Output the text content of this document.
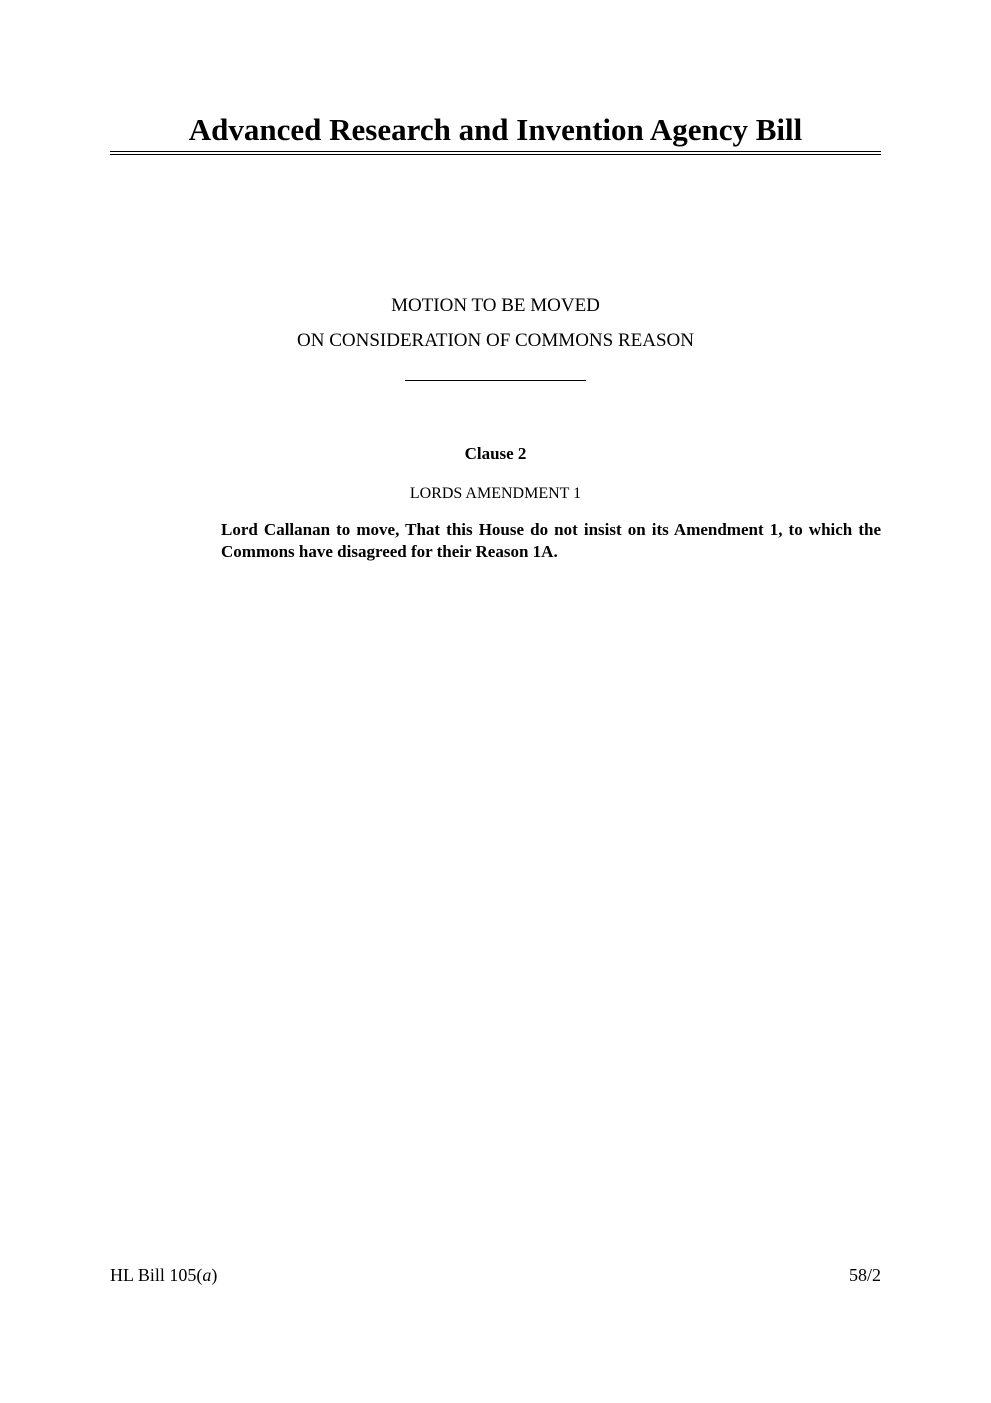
Advanced Research and Invention Agency Bill

MOTION TO BE MOVED

ON CONSIDERATION OF COMMONS REASON

Clause 2

LORDS AMENDMENT 1

Lord Callanan to move, That this House do not insist on its Amendment 1, to which the Commons have disagreed for their Reason 1A.

HL Bill 105(a)	58/2
